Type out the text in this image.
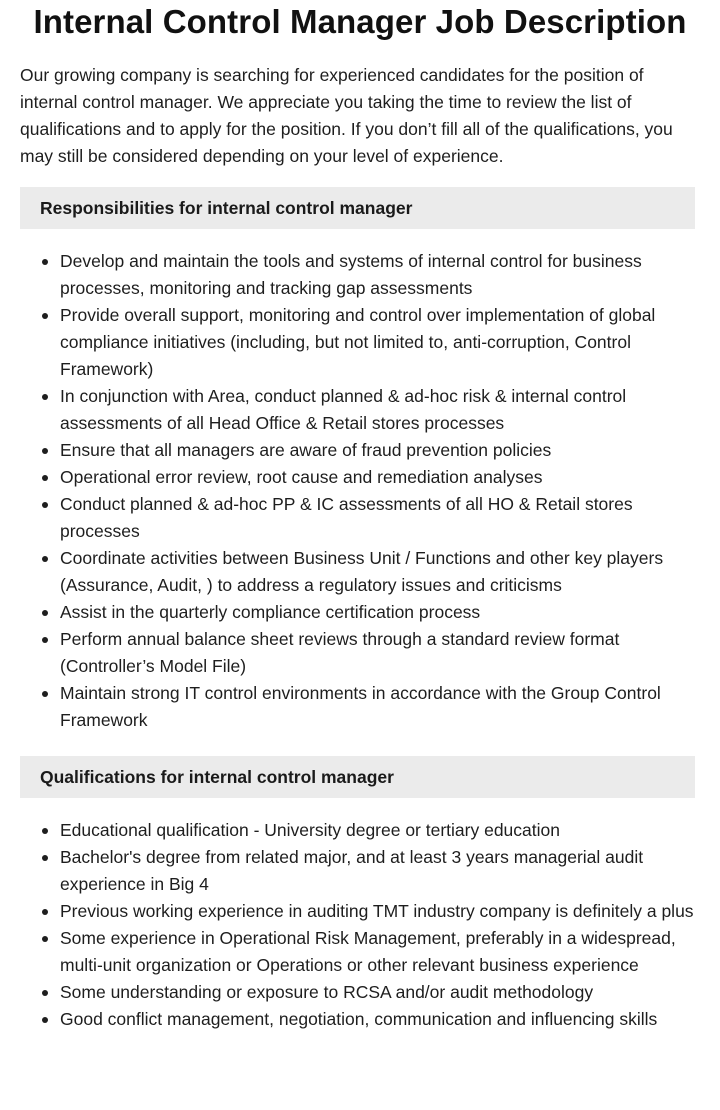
Internal Control Manager Job Description

Our growing company is searching for experienced candidates for the position of internal control manager. We appreciate you taking the time to review the list of qualifications and to apply for the position. If you don’t fill all of the qualifications, you may still be considered depending on your level of experience.

Responsibilities for internal control manager
Develop and maintain the tools and systems of internal control for business processes, monitoring and tracking gap assessments
Provide overall support, monitoring and control over implementation of global compliance initiatives (including, but not limited to, anti-corruption, Control Framework)
In conjunction with Area, conduct planned & ad-hoc risk & internal control assessments of all Head Office & Retail stores processes
Ensure that all managers are aware of fraud prevention policies
Operational error review, root cause and remediation analyses
Conduct planned & ad-hoc PP & IC assessments of all HO & Retail stores processes
Coordinate activities between Business Unit / Functions and other key players (Assurance, Audit, ) to address a regulatory issues and criticisms
Assist in the quarterly compliance certification process
Perform annual balance sheet reviews through a standard review format (Controller’s Model File)
Maintain strong IT control environments in accordance with the Group Control Framework
Qualifications for internal control manager
Educational qualification - University degree or tertiary education
Bachelor's degree from related major, and at least 3 years managerial audit experience in Big 4
Previous working experience in auditing TMT industry company is definitely a plus
Some experience in Operational Risk Management, preferably in a widespread, multi-unit organization or Operations or other relevant business experience
Some understanding or exposure to RCSA and/or audit methodology
Good conflict management, negotiation, communication and influencing skills
